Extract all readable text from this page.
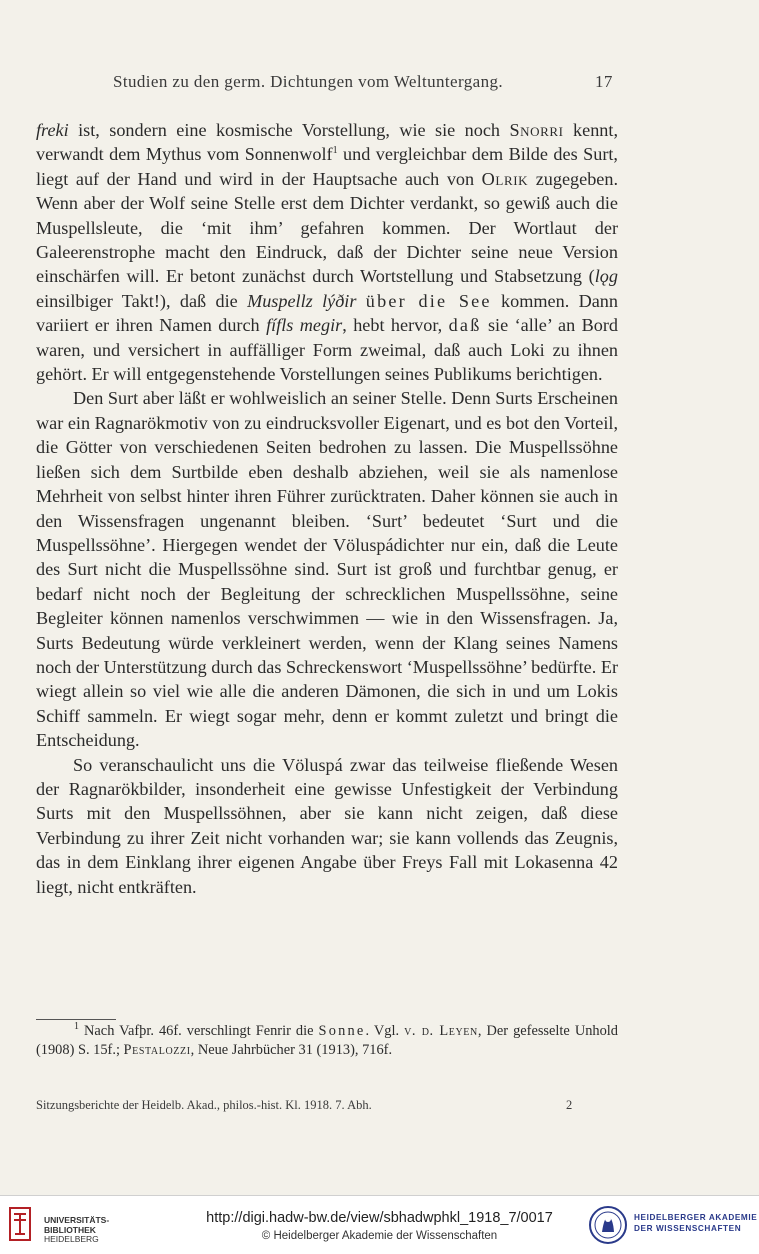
Studien zu den germ. Dichtungen vom Weltuntergang.	17

freki ist, sondern eine kosmische Vorstellung, wie sie noch Snorri kennt, verwandt dem Mythus vom Sonnenwolf$^1$ und vergleichbar dem Bilde des Surt, liegt auf der Hand und wird in der Hauptsache auch von Olrik zugegeben. Wenn aber der Wolf seine Stelle erst dem Dichter verdankt, so gewiß auch die Muspellsleute, die ‘mit ihm’ gefahren kommen. Der Wortlaut der Galeerenstrophe macht den Eindruck, daß der Dichter seine neue Version einschärfen will. Er betont zunächst durch Wortstellung und Stabsetzung (lǫg einsilbiger Takt!), daß die Muspellz lýðir über die See kommen. Dann variiert er ihren Namen durch fífls megir, hebt hervor, daß sie ‘alle’ an Bord waren, und versichert in auffälliger Form zweimal, daß auch Loki zu ihnen gehört. Er will entgegenstehende Vorstellungen seines Publikums berichtigen.

Den Surt aber läßt er wohlweislich an seiner Stelle. Denn Surts Erscheinen war ein Ragnarökmotiv von zu eindrucksvoller Eigenart, und es bot den Vorteil, die Götter von verschiedenen Seiten bedrohen zu lassen. Die Muspellssöhne ließen sich dem Surtbilde eben deshalb abziehen, weil sie als namenlose Mehrheit von selbst hinter ihren Führer zurücktraten. Daher können sie auch in den Wissensfragen ungenannt bleiben. ‘Surt’ bedeutet ‘Surt und die Muspellssöhne’. Hiergegen wendet der Völuspádichter nur ein, daß die Leute des Surt nicht die Muspellssöhne sind. Surt ist groß und furchtbar genug, er bedarf nicht noch der Begleitung der schrecklichen Muspellssöhne, seine Begleiter können namenlos verschwimmen — wie in den Wissensfragen. Ja, Surts Bedeutung würde verkleinert werden, wenn der Klang seines Namens noch der Unterstützung durch das Schreckenswort ‘Muspellssöhne’ bedürfte. Er wiegt allein so viel wie alle die anderen Dämonen, die sich in und um Lokis Schiff sammeln. Er wiegt sogar mehr, denn er kommt zuletzt und bringt die Entscheidung.

So veranschaulicht uns die Völuspá zwar das teilweise fließende Wesen der Ragnarökbilder, insonderheit eine gewisse Unfestigkeit der Verbindung Surts mit den Muspellssöhnen, aber sie kann nicht zeigen, daß diese Verbindung zu ihrer Zeit nicht vorhanden war; sie kann vollends das Zeugnis, das in dem Einklang ihrer eigenen Angabe über Freys Fall mit Lokasenna 42 liegt, nicht entkräften.

$^1$ Nach Vafþr. 46f. verschlingt Fenrir die Sonne. Vgl. v. d. Leyen, Der gefesselte Unhold (1908) S. 15f.; Pestalozzi, Neue Jahrbücher 31 (1913), 716f.

Sitzungsberichte der Heidelb. Akad., philos.-hist. Kl. 1918. 7. Abh.	2
UNIVERSITÄTS-
BIBLIOTHEK
HEIDELBERG
http://digi.hadw-bw.de/view/sbhadwphkl_1918_7/0017
© Heidelberger Akademie der Wissenschaften
HEIDELBERGER AKADEMIE
DER WISSENSCHAFTEN
